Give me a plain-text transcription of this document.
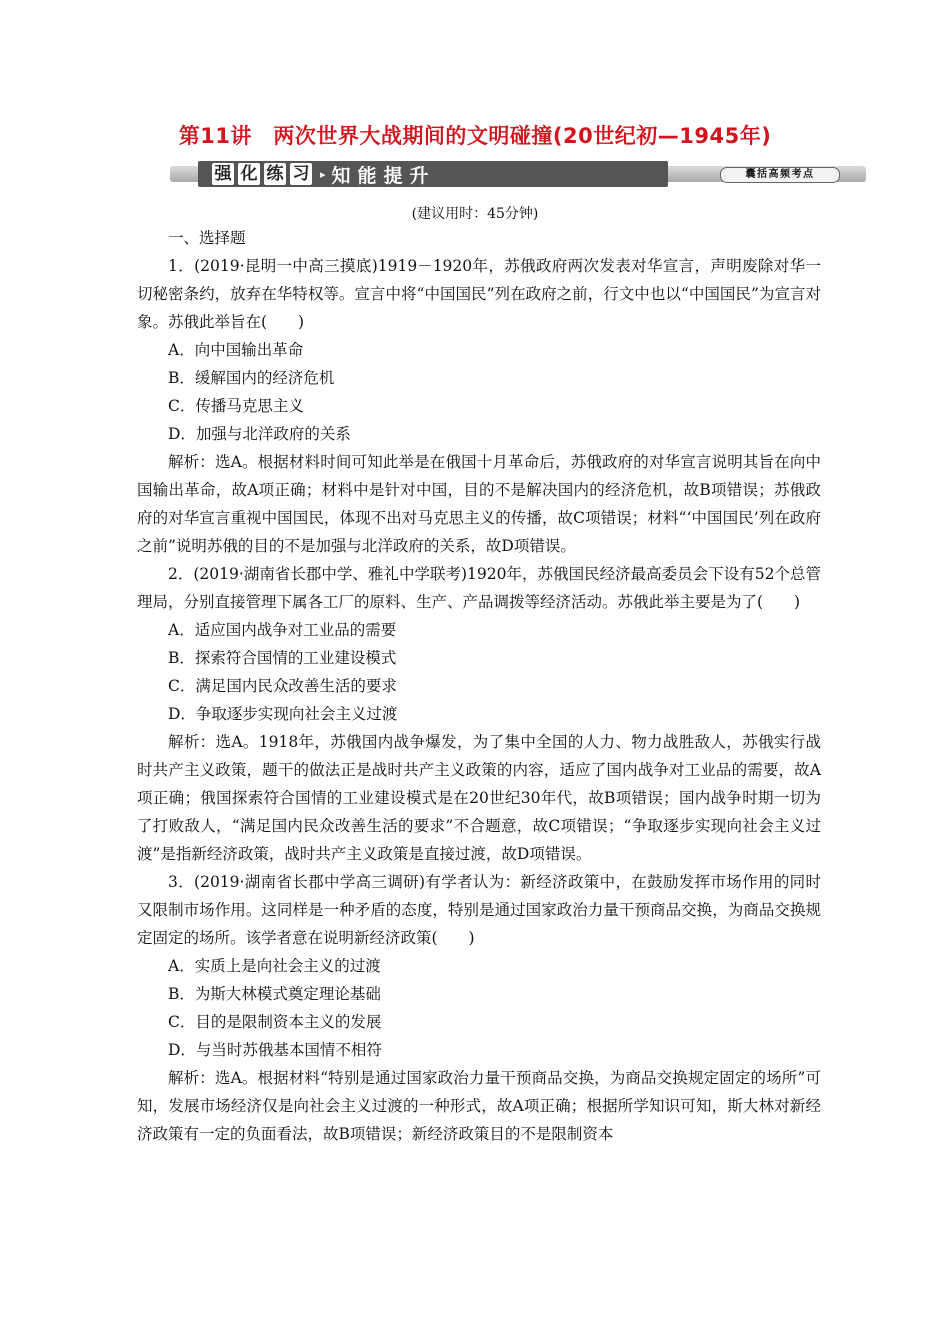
第11讲　两次世界大战期间的文明碰撞(20世纪初—1945年)
强 化 练 习 ▸ 知能提升	囊括高频考点
(建议用时：45分钟)

一、选择题

1．(2019·昆明一中高三摸底)1919－1920年，苏俄政府两次发表对华宣言，声明废除对华一切秘密条约，放弃在华特权等。宣言中将“中国国民”列在政府之前，行文中也以“中国国民”为宣言对象。苏俄此举旨在(　　)

A．向中国输出革命

B．缓解国内的经济危机

C．传播马克思主义

D．加强与北洋政府的关系

解析：选A。根据材料时间可知此举是在俄国十月革命后，苏俄政府的对华宣言说明其旨在向中国输出革命，故A项正确；材料中是针对中国，目的不是解决国内的经济危机，故B项错误；苏俄政府的对华宣言重视中国国民，体现不出对马克思主义的传播，故C项错误；材料“‘中国国民’列在政府之前”说明苏俄的目的不是加强与北洋政府的关系，故D项错误。

2．(2019·湖南省长郡中学、雅礼中学联考)1920年，苏俄国民经济最高委员会下设有52个总管理局，分别直接管理下属各工厂的原料、生产、产品调拨等经济活动。苏俄此举主要是为了(　　)

A．适应国内战争对工业品的需要

B．探索符合国情的工业建设模式

C．满足国内民众改善生活的要求

D．争取逐步实现向社会主义过渡

解析：选A。1918年，苏俄国内战争爆发，为了集中全国的人力、物力战胜敌人，苏俄实行战时共产主义政策，题干的做法正是战时共产主义政策的内容，适应了国内战争对工业品的需要，故A项正确；俄国探索符合国情的工业建设模式是在20世纪30年代，故B项错误；国内战争时期一切为了打败敌人，“满足国内民众改善生活的要求”不合题意，故C项错误；“争取逐步实现向社会主义过渡”是指新经济政策，战时共产主义政策是直接过渡，故D项错误。

3．(2019·湖南省长郡中学高三调研)有学者认为：新经济政策中，在鼓励发挥市场作用的同时又限制市场作用。这同样是一种矛盾的态度，特别是通过国家政治力量干预商品交换，为商品交换规定固定的场所。该学者意在说明新经济政策(　　)

A．实质上是向社会主义的过渡

B．为斯大林模式奠定理论基础

C．目的是限制资本主义的发展

D．与当时苏俄基本国情不相符

解析：选A。根据材料“特别是通过国家政治力量干预商品交换，为商品交换规定固定的场所”可知，发展市场经济仅是向社会主义过渡的一种形式，故A项正确；根据所学知识可知，斯大林对新经济政策有一定的负面看法，故B项错误；新经济政策目的不是限制资本
